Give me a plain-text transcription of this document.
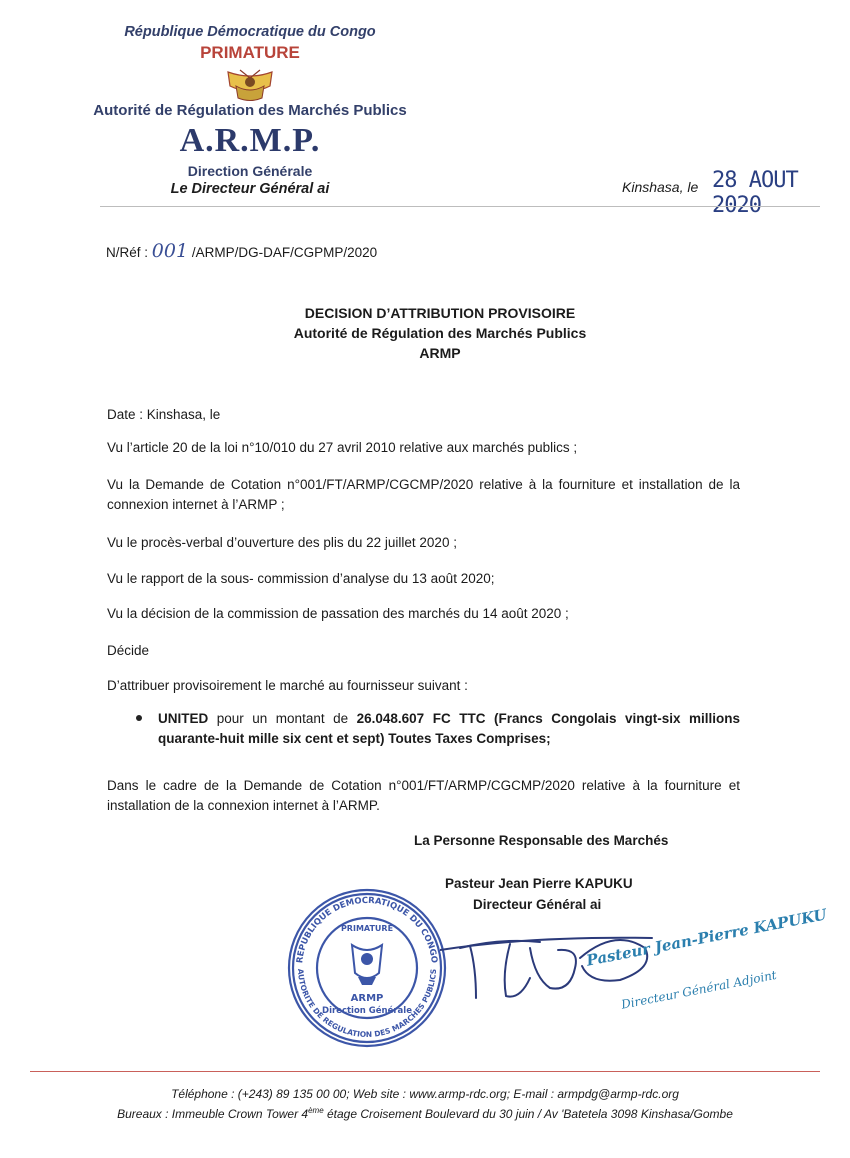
République Démocratique du Congo
PRIMATURE
Autorité de Régulation des Marchés Publics
A.R.M.P.
Direction Générale
Le Directeur Général ai	Kinshasa, le 28 AOUT 2020
N/Réf : 001 /ARMP/DG-DAF/CGPMP/2020
DECISION D’ATTRIBUTION PROVISOIRE
Autorité de Régulation des Marchés Publics
ARMP
Date : Kinshasa, le
Vu l’article 20 de la loi n°10/010 du 27 avril 2010 relative aux marchés publics ;
Vu la Demande de Cotation n°001/FT/ARMP/CGCMP/2020 relative à la fourniture et installation de la connexion internet à l’ARMP ;
Vu le procès-verbal d’ouverture des plis du 22 juillet 2020 ;
Vu le rapport de la sous- commission d’analyse du 13 août 2020;
Vu la décision de la commission de passation des marchés du 14 août 2020 ;
Décide
D’attribuer provisoirement le marché au fournisseur suivant :
UNITED pour un montant de 26.048.607 FC TTC (Francs Congolais vingt-six millions quarante-huit mille six cent et sept) Toutes Taxes Comprises;
Dans le cadre de la Demande de Cotation n°001/FT/ARMP/CGCMP/2020 relative à la fourniture et installation de la connexion internet à l’ARMP.
La Personne Responsable des Marchés
Pasteur Jean Pierre KAPUKU
Directeur Général ai
REPUBLIQUE DEMOCRATIQUE DU CONGO
AUTORITE DE REGULATION DES MARCHES PUBLICS
PRIMATURE
ARMP
Direction Générale
Pasteur Jean-Pierre KAPUKU
Directeur Général Adjoint
Téléphone : (+243) 89 135 00 00; Web site : www.armp-rdc.org; E-mail : armpdg@armp-rdc.org
Bureaux : Immeuble Crown Tower 4ème étage Croisement Boulevard du 30 juin / Av 'Batetela 3098 Kinshasa/Gombe
